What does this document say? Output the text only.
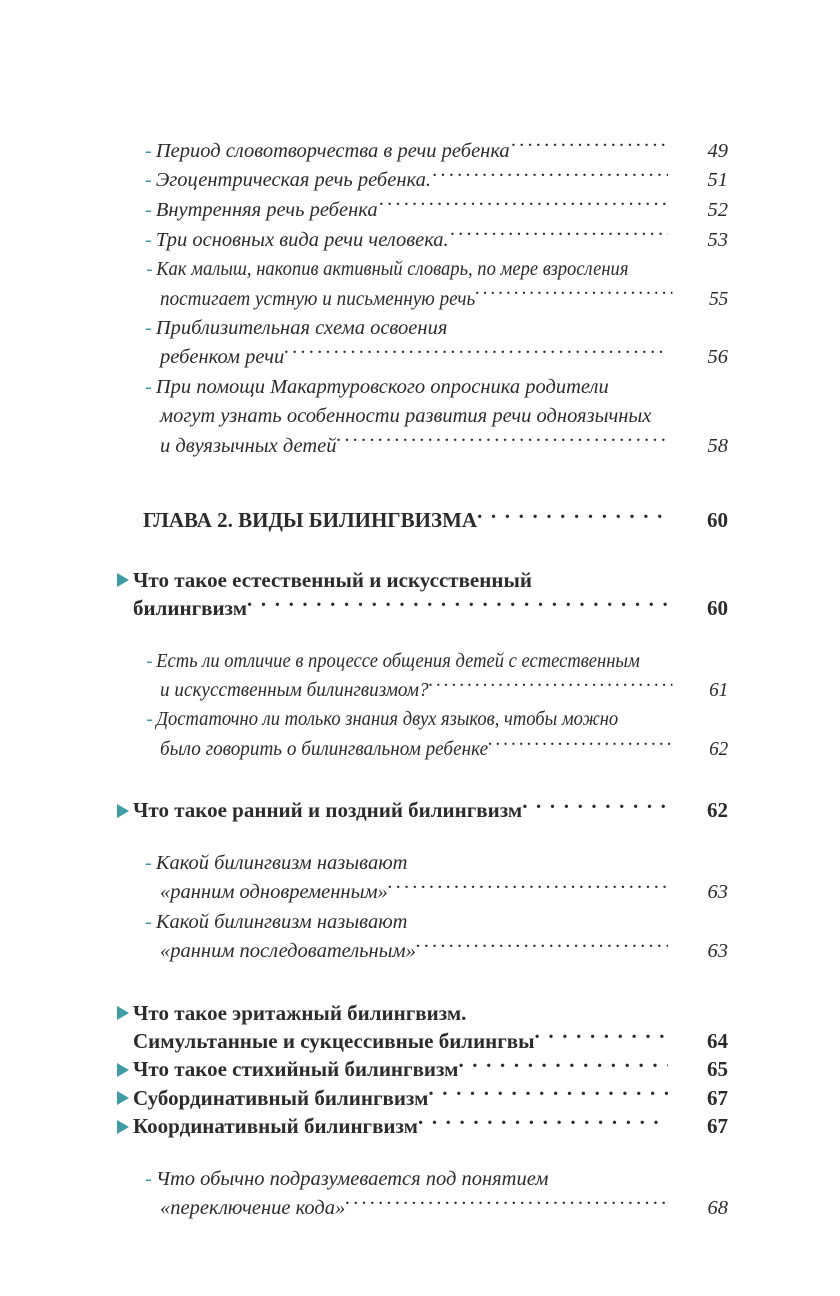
- Период словотворчества в речи ребенка .....	49
- Эгоцентрическая речь ребенка. .....	51
- Внутренняя речь ребенка .....	52
- Три основных вида речи человека. .....	53
- Как малыш, накопив активный словарь, по мере взросления
постигает устную и письменную речь .....	55
- Приблизительная схема освоения
ребенком речи .....	56
- При помощи Макартуровского опросника родители
могут узнать особенности развития речи одноязычных
и двуязычных детей .....	58
ГЛАВА 2. ВИДЫ БИЛИНГВИЗМА .....	60
Что такое естественный и искусственный
билингвизм .....	60
- Есть ли отличие в процессе общения детей с естественным
и искусственным билингвизмом? .....	61
- Достаточно ли только знания двух языков, чтобы можно
было говорить о билингвальном ребенке .....	62
Что такое ранний и поздний билингвизм .....	62
- Какой билингвизм называют
«ранним одновременным» .....	63
- Какой билингвизм называют
«ранним последовательным» .....	63
Что такое эритажный билингвизм.
Симультанные и сукцессивные билингвы .....	64
Что такое стихийный билингвизм .....	65
Субординативный билингвизм .....	67
Координативный билингвизм .....	67
- Что обычно подразумевается под понятием
«переключение кода» .....	68
